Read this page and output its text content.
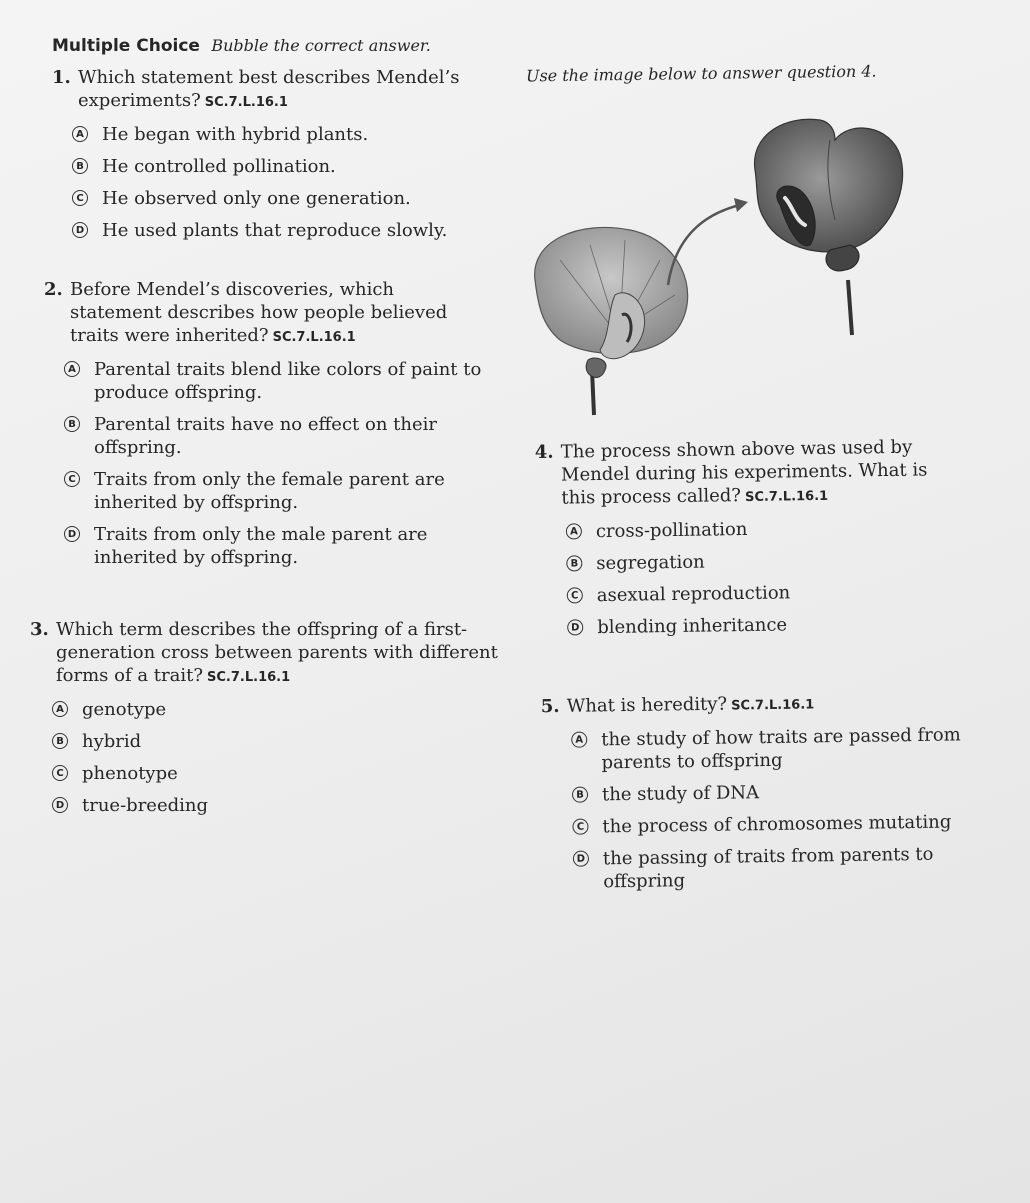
Multiple Choice Bubble the correct answer.
1. Which statement best describes Mendel’s experiments? SC.7.L.16.1
A He began with hybrid plants.
B He controlled pollination.
C He observed only one generation.
D He used plants that reproduce slowly.
2. Before Mendel’s discoveries, which statement describes how people believed traits were inherited? SC.7.L.16.1
A Parental traits blend like colors of paint to produce offspring.
B Parental traits have no effect on their offspring.
C Traits from only the female parent are inherited by offspring.
D Traits from only the male parent are inherited by offspring.
3. Which term describes the offspring of a first-generation cross between parents with different forms of a trait? SC.7.L.16.1
A genotype
B hybrid
C phenotype
D true-breeding
Use the image below to answer question 4.
4. The process shown above was used by Mendel during his experiments. What is this process called? SC.7.L.16.1
A cross-pollination
B segregation
C asexual reproduction
D blending inheritance
5. What is heredity? SC.7.L.16.1
A the study of how traits are passed from parents to offspring
B the study of DNA
C the process of chromosomes mutating
D the passing of traits from parents to offspring
